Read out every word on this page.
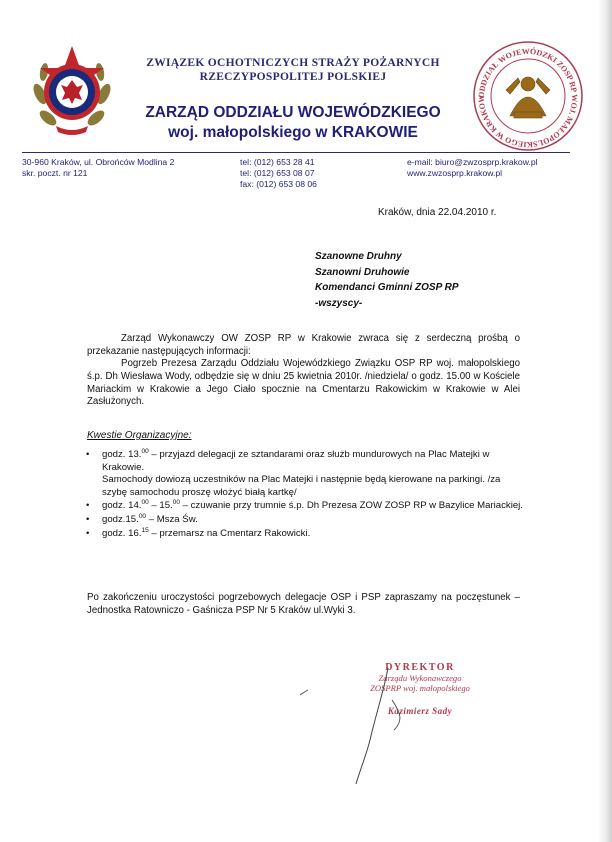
ZWIĄZEK OCHOTNICZYCH STRAŻY POŻARNYCH
RZECZYPOSPOLITEJ POLSKIEJ
ZARZĄD ODDZIAŁU WOJEWÓDZKIEGO
woj. małopolskiego w KRAKOWIE
ODDZIAŁ WOJEWÓDZKI ZOSP RP WOJ. MAŁOPOLSKIEGO W KRAKOW
30-960 Kraków, ul. Obrońców Modlina 2
skr. poczt. nr 121
tel: (012) 653 28 41
tel: (012) 653 08 07
fax: (012) 653 08 06
e-mail: biuro@zwzosprp.krakow.pl
www.zwzosprp.krakow.pl
Kraków, dnia 22.04.2010 r.
Szanowne Druhny
Szanowni Druhowie
Komendanci Gminni ZOSP RP
-wszyscy-
Zarząd Wykonawczy OW ZOSP RP w Krakowie zwraca się z serdeczną prośbą o przekazanie następujących informacji:
Pogrzeb Prezesa Zarządu Oddziału Wojewódzkiego Związku OSP RP woj. małopolskiego ś.p. Dh Wiesława Wody, odbędzie się w dniu 25 kwietnia 2010r. /niedziela/ o godz. 15.00 w Kościele Mariackim w Krakowie a Jego Ciało spocznie na Cmentarzu Rakowickim w Krakowie w Alei Zasłużonych.
Kwestie Organizacyjne:
• godz. 13.00 – przyjazd delegacji ze sztandarami oraz służb mundurowych na Plac Matejki w Krakowie.
Samochody dowiozą uczestników na Plac Matejki i następnie będą kierowane na parkingi. /za szybę samochodu proszę włożyć białą kartkę/
• godz. 14.00 – 15.00 – czuwanie przy trumnie ś.p. Dh Prezesa ZOW ZOSP RP w Bazylice Mariackiej.
• godz.15.00 – Msza Św.
• godz. 16.15 – przemarsz na Cmentarz Rakowicki.
Po zakończeniu uroczystości pogrzebowych delegacje OSP i PSP zapraszamy na poczęstunek – Jednostka Ratowniczo - Gaśnicza PSP Nr 5 Kraków ul.Wyki 3.
DYREKTOR
Zarządu Wykonawczego
ZOSPRP woj. małopolskiego
Kazimierz Sady
